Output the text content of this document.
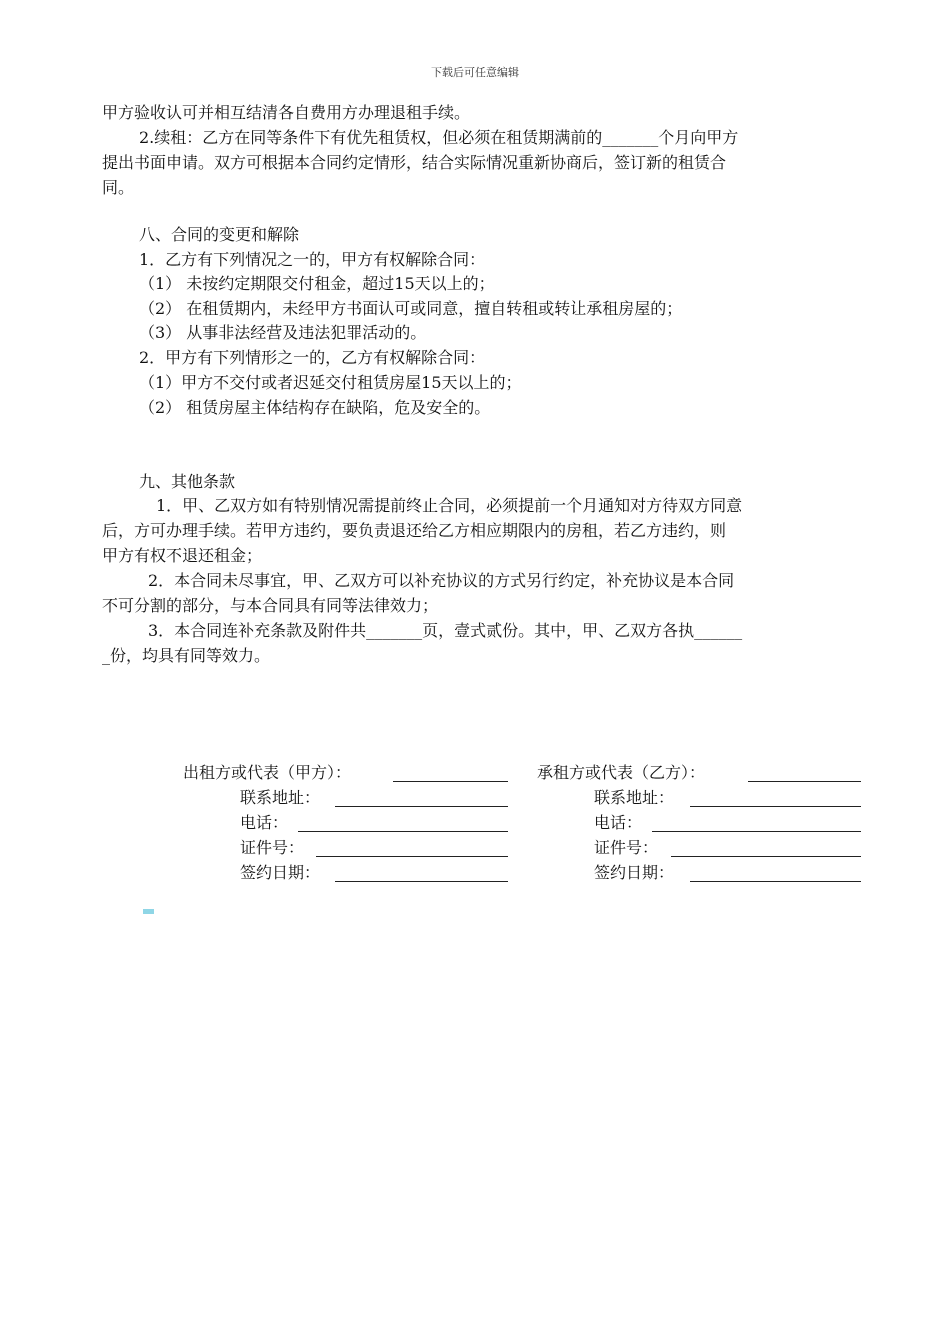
下载后可任意编辑
甲方验收认可并相互结清各自费用方办理退租手续。
2.续租：乙方在同等条件下有优先租赁权，但必须在租赁期满前的_______个月向甲方
提出书面申请。双方可根据本合同约定情形，结合实际情况重新协商后，签订新的租赁合
同。
八、合同的变更和解除
1．乙方有下列情况之一的，甲方有权解除合同：
（1） 未按约定期限交付租金，超过15天以上的；
（2） 在租赁期内，未经甲方书面认可或同意，擅自转租或转让承租房屋的；
（3） 从事非法经营及违法犯罪活动的。
2．甲方有下列情形之一的，乙方有权解除合同：
（1）甲方不交付或者迟延交付租赁房屋15天以上的；
（2） 租赁房屋主体结构存在缺陷，危及安全的。
九、其他条款
1．甲、乙双方如有特别情况需提前终止合同，必须提前一个月通知对方待双方同意
后，方可办理手续。若甲方违约，要负责退还给乙方相应期限内的房租，若乙方违约，则
甲方有权不退还租金；
2．本合同未尽事宜，甲、乙双方可以补充协议的方式另行约定，补充协议是本合同
不可分割的部分，与本合同具有同等法律效力；
3．本合同连补充条款及附件共_______页，壹式贰份。其中，甲、乙双方各执______
_份，均具有同等效力。
出租方或代表（甲方）：
联系地址：
电话：
证件号：
签约日期：
承租方或代表（乙方）：
联系地址：
电话：
证件号：
签约日期：
